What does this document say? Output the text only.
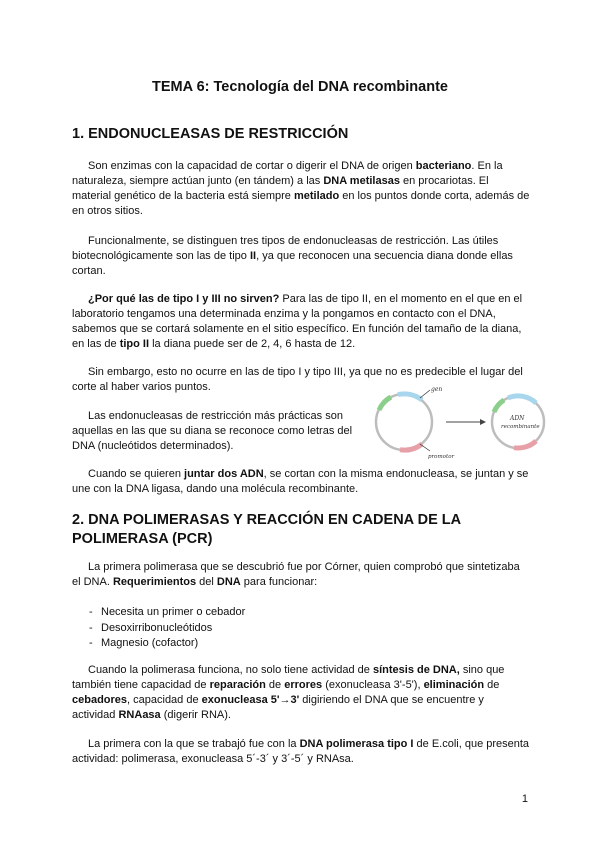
TEMA 6: Tecnología del DNA recombinante
1. ENDONUCLEASAS DE RESTRICCIÓN
Son enzimas con la capacidad de cortar o digerir el DNA de origen bacteriano. En la naturaleza, siempre actúan junto (en tándem) a las DNA metilasas en procariotas. El material genético de la bacteria está siempre metilado en los puntos donde corta, además de en otros sitios.
Funcionalmente, se distinguen tres tipos de endonucleasas de restricción. Las útiles biotecnológicamente son las de tipo II, ya que reconocen una secuencia diana donde ellas cortan.
¿Por qué las de tipo I y III no sirven? Para las de tipo II, en el momento en el que en el laboratorio tengamos una determinada enzima y la pongamos en contacto con el DNA, sabemos que se cortará solamente en el sitio específico. En función del tamaño de la diana, en las de tipo II la diana puede ser de 2, 4, 6 hasta de 12.
Sin embargo, esto no ocurre en las de tipo I y tipo III, ya que no es predecible el lugar del corte al haber varios puntos.
Las endonucleasas de restricción más prácticas son aquellas en las que su diana se reconoce como letras del DNA (nucleótidos determinados).
gen
promotor
ADN
recombinante
Cuando se quieren juntar dos ADN, se cortan con la misma endonucleasa, se juntan y se une con la DNA ligasa, dando una molécula recombinante.
2. DNA POLIMERASAS Y REACCIÓN EN CADENA DE LA POLIMERASA (PCR)
La primera polimerasa que se descubrió fue por Córner, quien comprobó que sintetizaba el DNA. Requerimientos del DNA para funcionar:
- Necesita un primer o cebador
- Desoxirribonucleótidos
- Magnesio (cofactor)
Cuando la polimerasa funciona, no solo tiene actividad de síntesis de DNA, sino que también tiene capacidad de reparación de errores (exonucleasa 3'-5'), eliminación de cebadores, capacidad de exonucleasa 5'→3' digiriendo el DNA que se encuentre y actividad RNAasa (digerir RNA).
La primera con la que se trabajó fue con la DNA polimerasa tipo I de E.coli, que presenta actividad: polimerasa, exonucleasa 5´-3´ y 3´-5´ y RNAsa.
1
